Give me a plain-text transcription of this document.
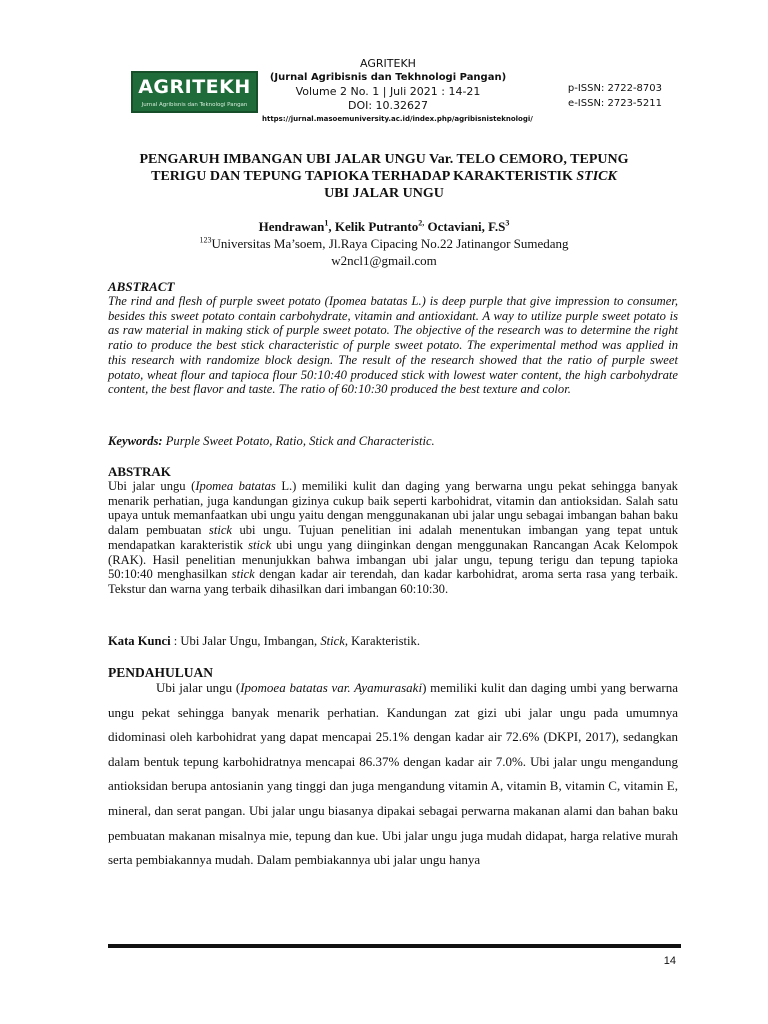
AGRITEKH
Jurnal Agribisnis dan Teknologi Pangan
AGRITEKH
(Jurnal Agribisnis dan Tekhnologi Pangan)
Volume 2 No. 1 | Juli 2021 : 14-21
DOI: 10.32627
https://jurnal.masoemuniversity.ac.id/index.php/agribisnisteknologi/
p-ISSN: 2722-8703
e-ISSN: 2723-5211
PENGARUH IMBANGAN UBI JALAR UNGU Var. TELO CEMORO, TEPUNG
TERIGU DAN TEPUNG TAPIOKA TERHADAP KARAKTERISTIK STICK
UBI JALAR UNGU
Hendrawan$^1$, Kelik Putranto$^{2,}$ Octaviani, $F.S^3$
$^{123}$Universitas Ma’soem, Jl.Raya Cipacing No.22 Jatinangor Sumedang
w2ncl1@gmail.com
ABSTRACT
The rind and flesh of purple sweet potato (Ipomea batatas L.) is deep purple that give impression to consumer, besides this sweet potato contain carbohydrate, vitamin and antioxidant. A way to utilize purple sweet potato is as raw material in making stick of purple sweet potato. The objective of the research was to determine the right ratio to produce the best stick characteristic of purple sweet potato. The experimental method was applied in this research with randomize block design. The result of the research showed that the ratio of purple sweet potato, wheat flour and tapioca flour 50:10:40 produced stick with lowest water content, the high carbohydrate content, the best flavor and taste. The ratio of 60:10:30 produced the best texture and color.
Keywords: Purple Sweet Potato, Ratio, Stick and Characteristic.
ABSTRAK
Ubi jalar ungu (Ipomea batatas L.) memiliki kulit dan daging yang berwarna ungu pekat sehingga banyak menarik perhatian, juga kandungan gizinya cukup baik seperti karbohidrat, vitamin dan antioksidan. Salah satu upaya untuk memanfaatkan ubi ungu yaitu dengan menggunakanan ubi jalar ungu sebagai imbangan bahan baku dalam pembuatan stick ubi ungu. Tujuan penelitian ini adalah menentukan imbangan yang tepat untuk mendapatkan karakteristik stick ubi ungu yang diinginkan dengan menggunakan Rancangan Acak Kelompok (RAK). Hasil penelitian menunjukkan bahwa imbangan ubi jalar ungu, tepung terigu dan tepung tapioka 50:10:40 menghasilkan stick dengan kadar air terendah, dan kadar karbohidrat, aroma serta rasa yang terbaik. Tekstur dan warna yang terbaik dihasilkan dari imbangan 60:10:30.
Kata Kunci : Ubi Jalar Ungu, Imbangan, Stick, Karakteristik.
PENDAHULUAN
Ubi jalar ungu (Ipomoea batatas var. Ayamurasaki) memiliki kulit dan daging umbi yang berwarna ungu pekat sehingga banyak menarik perhatian. Kandungan zat gizi ubi jalar ungu pada umumnya didominasi oleh karbohidrat yang dapat mencapai 25.1% dengan kadar air 72.6% (DKPI, 2017), sedangkan dalam bentuk tepung karbohidratnya mencapai 86.37% dengan kadar air 7.0%. Ubi jalar ungu mengandung antioksidan berupa antosianin yang tinggi dan juga mengandung vitamin A, vitamin B, vitamin C, vitamin E, mineral, dan serat pangan. Ubi jalar ungu biasanya dipakai sebagai perwarna makanan alami dan bahan baku pembuatan makanan misalnya mie, tepung dan kue. Ubi jalar ungu juga mudah didapat, harga relative murah serta pembiakannya mudah. Dalam pembiakannya ubi jalar ungu hanya
14
